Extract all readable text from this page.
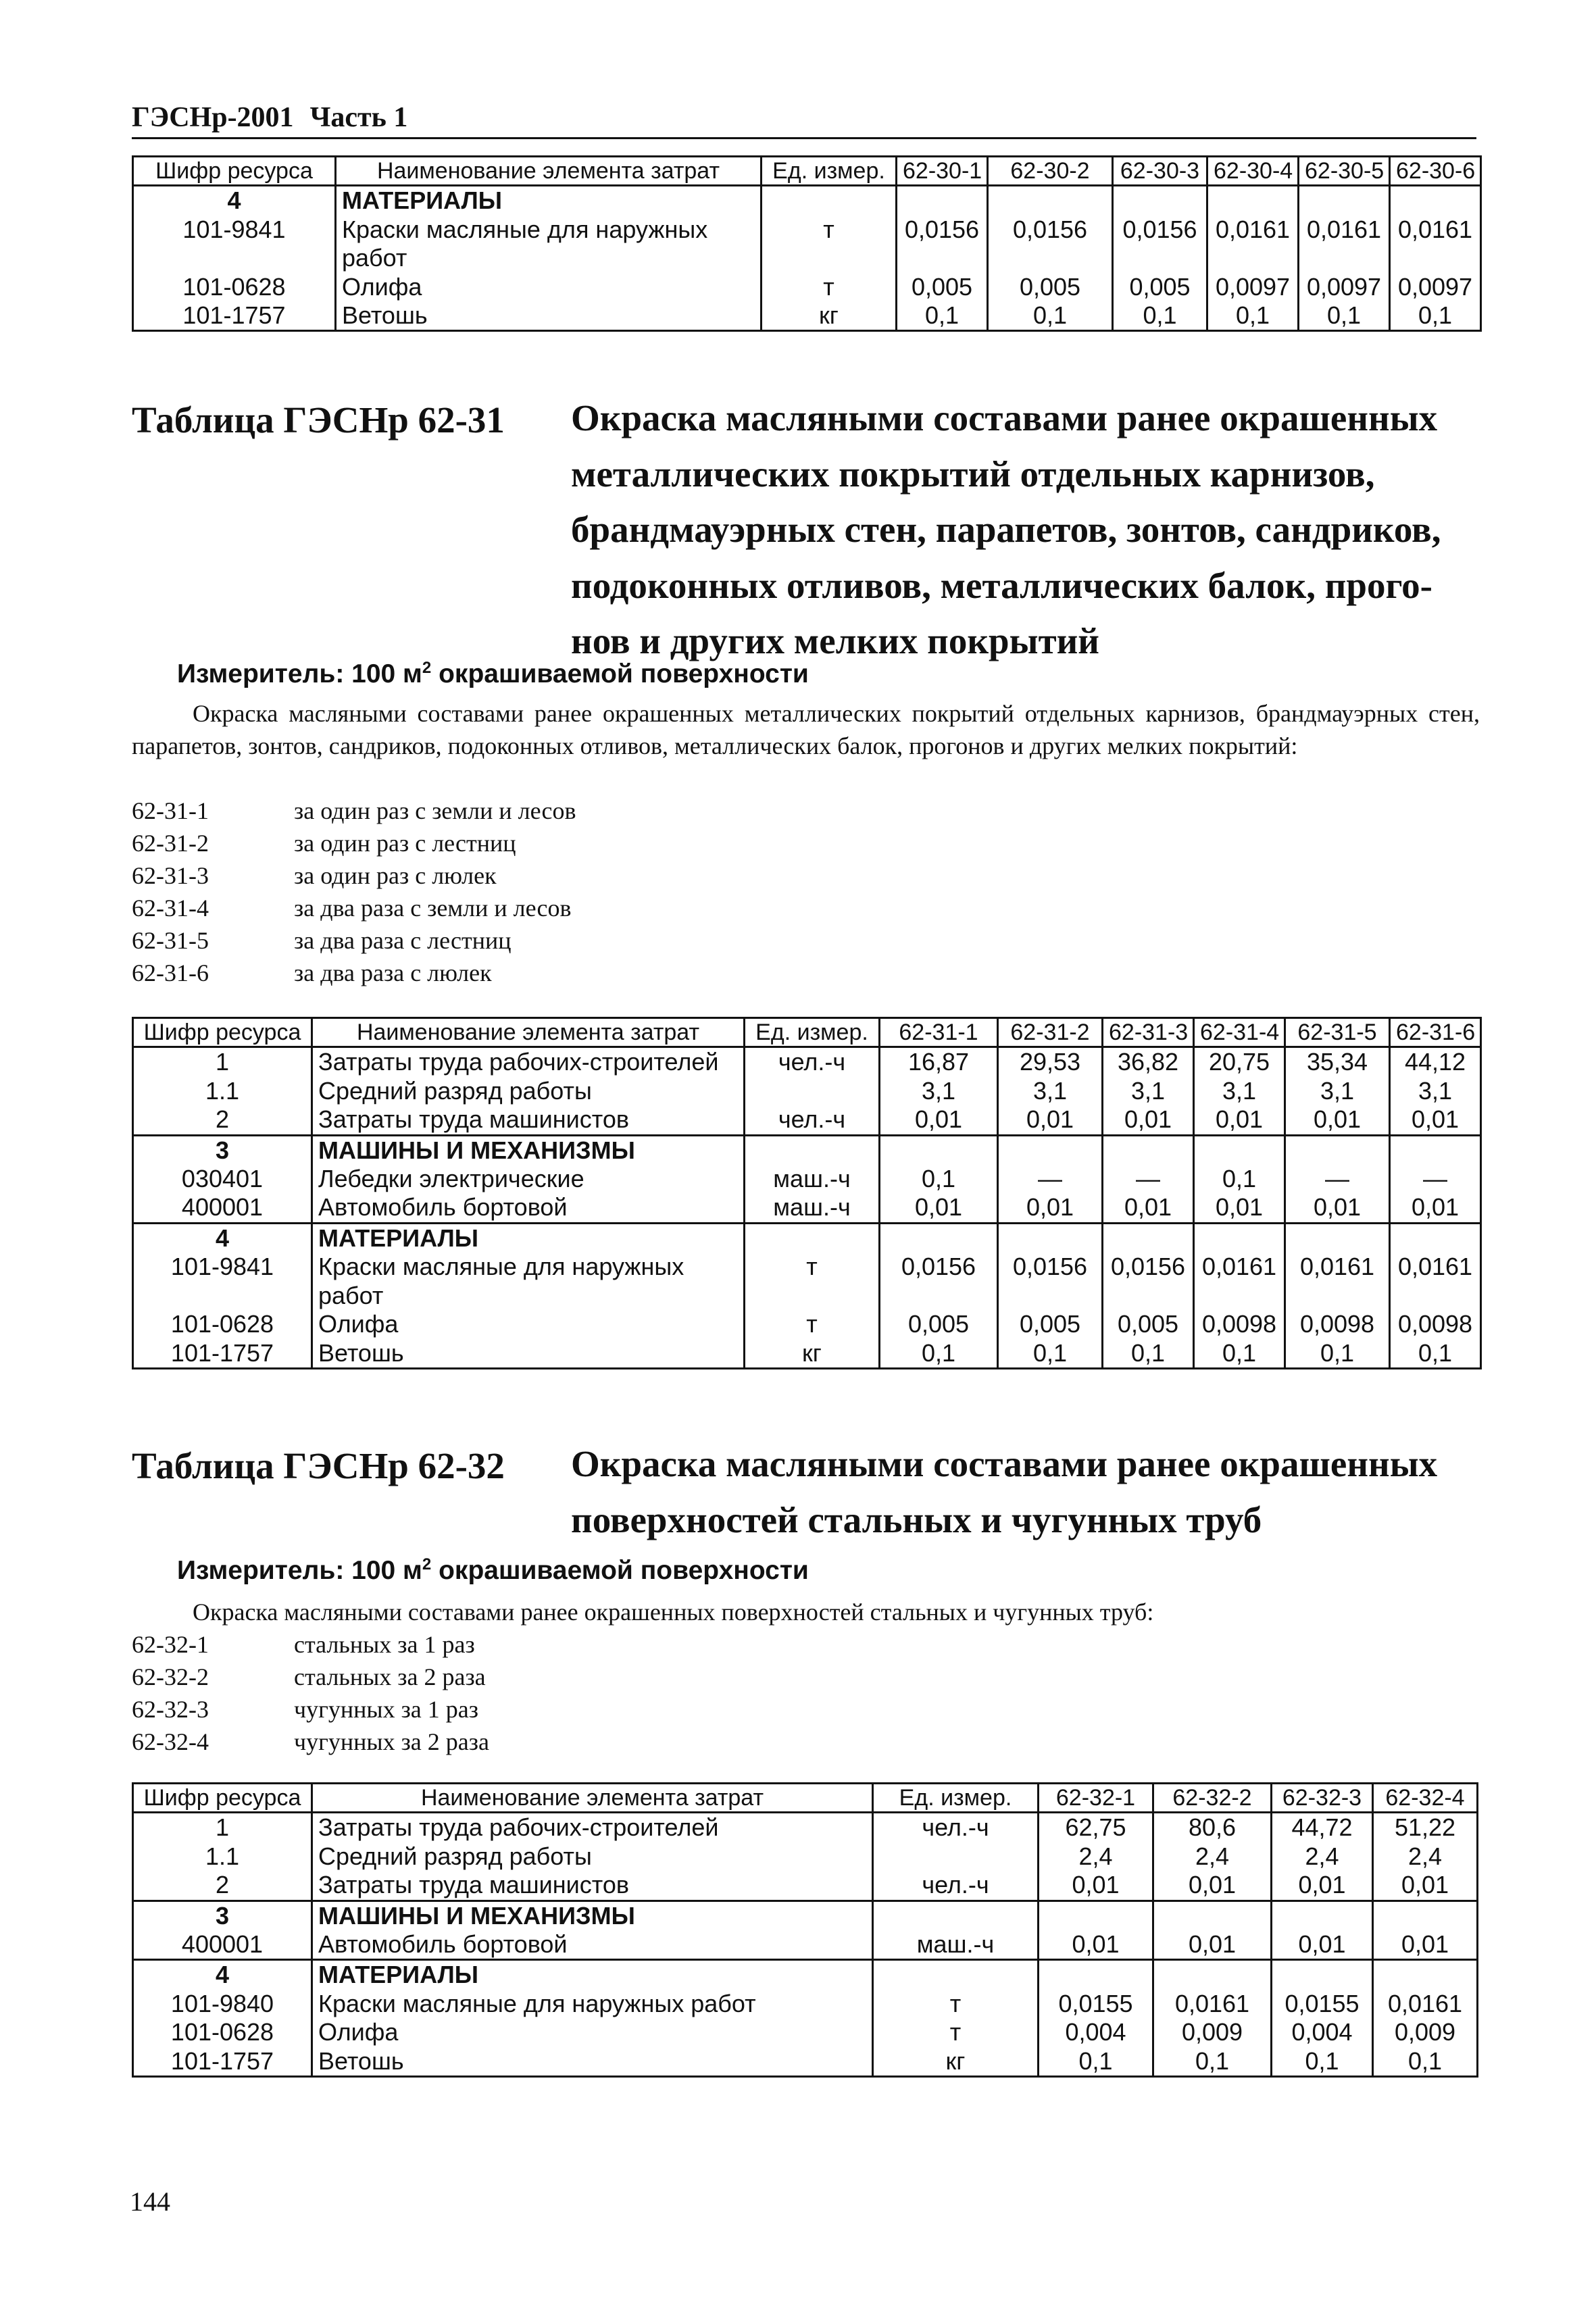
ГЭСНр-2001 Часть 1
Шифр ресурса	Наименование элемента затрат	Ед. измер.	62-30-1	62-30-2	62-30-3	62-30-4	62-30-5	62-30-6
4	МАТЕРИАЛЫ							
101-9841	Краски масляные для наружных работ	т	0,0156	0,0156	0,0156	0,0161	0,0161	0,0161
101-0628	Олифа	т	0,005	0,005	0,005	0,0097	0,0097	0,0097
101-1757	Ветошь	кг	0,1	0,1	0,1	0,1	0,1	0,1
Таблица ГЭСНр 62-31 Окраска масляными составами ранее окрашенных
металлических покрытий отдельных карнизов,
брандмауэрных стен, парапетов, зонтов, сандриков,
подоконных отливов, металлических балок, прого-
нов и других мелких покрытий
Измеритель: 100 $м^2$ окрашиваемой поверхности
Окраска масляными составами ранее окрашенных металлических покрытий отдельных карнизов, брандмауэрных стен, парапетов, зонтов, сандриков, подоконных отливов, металлических балок, прогонов и других мелких покрытий:
62-31-1	за один раз с земли и лесов
62-31-2	за один раз с лестниц
62-31-3	за один раз с люлек
62-31-4	за два раза с земли и лесов
62-31-5	за два раза с лестниц
62-31-6	за два раза с люлек
Шифр ресурса	Наименование элемента затрат	Ед. измер.	62-31-1	62-31-2	62-31-3	62-31-4	62-31-5	62-31-6
1	Затраты труда рабочих-строителей	чел.-ч	16,87	29,53	36,82	20,75	35,34	44,12
1.1	Средний разряд работы		3,1	3,1	3,1	3,1	3,1	3,1
2	Затраты труда машинистов	чел.-ч	0,01	0,01	0,01	0,01	0,01	0,01
3	МАШИНЫ И МЕХАНИЗМЫ							
030401	Лебедки электрические	маш.-ч	0,1	—	—	0,1	—	—
400001	Автомобиль бортовой	маш.-ч	0,01	0,01	0,01	0,01	0,01	0,01
4	МАТЕРИАЛЫ							
101-9841	Краски масляные для наружных работ	т	0,0156	0,0156	0,0156	0,0161	0,0161	0,0161
101-0628	Олифа	т	0,005	0,005	0,005	0,0098	0,0098	0,0098
101-1757	Ветошь	кг	0,1	0,1	0,1	0,1	0,1	0,1
Таблица ГЭСНр 62-32 Окраска масляными составами ранее окрашенных
поверхностей стальных и чугунных труб
Измеритель: 100 $м^2$ окрашиваемой поверхности
Окраска масляными составами ранее окрашенных поверхностей стальных и чугунных труб:
62-32-1	стальных за 1 раз
62-32-2	стальных за 2 раза
62-32-3	чугунных за 1 раз
62-32-4	чугунных за 2 раза
Шифр ресурса	Наименование элемента затрат	Ед. измер.	62-32-1	62-32-2	62-32-3	62-32-4
1	Затраты труда рабочих-строителей	чел.-ч	62,75	80,6	44,72	51,22
1.1	Средний разряд работы		2,4	2,4	2,4	2,4
2	Затраты труда машинистов	чел.-ч	0,01	0,01	0,01	0,01
3	МАШИНЫ И МЕХАНИЗМЫ					
400001	Автомобиль бортовой	маш.-ч	0,01	0,01	0,01	0,01
4	МАТЕРИАЛЫ					
101-9840	Краски масляные для наружных работ	т	0,0155	0,0161	0,0155	0,0161
101-0628	Олифа	т	0,004	0,009	0,004	0,009
101-1757	Ветошь	кг	0,1	0,1	0,1	0,1
144
